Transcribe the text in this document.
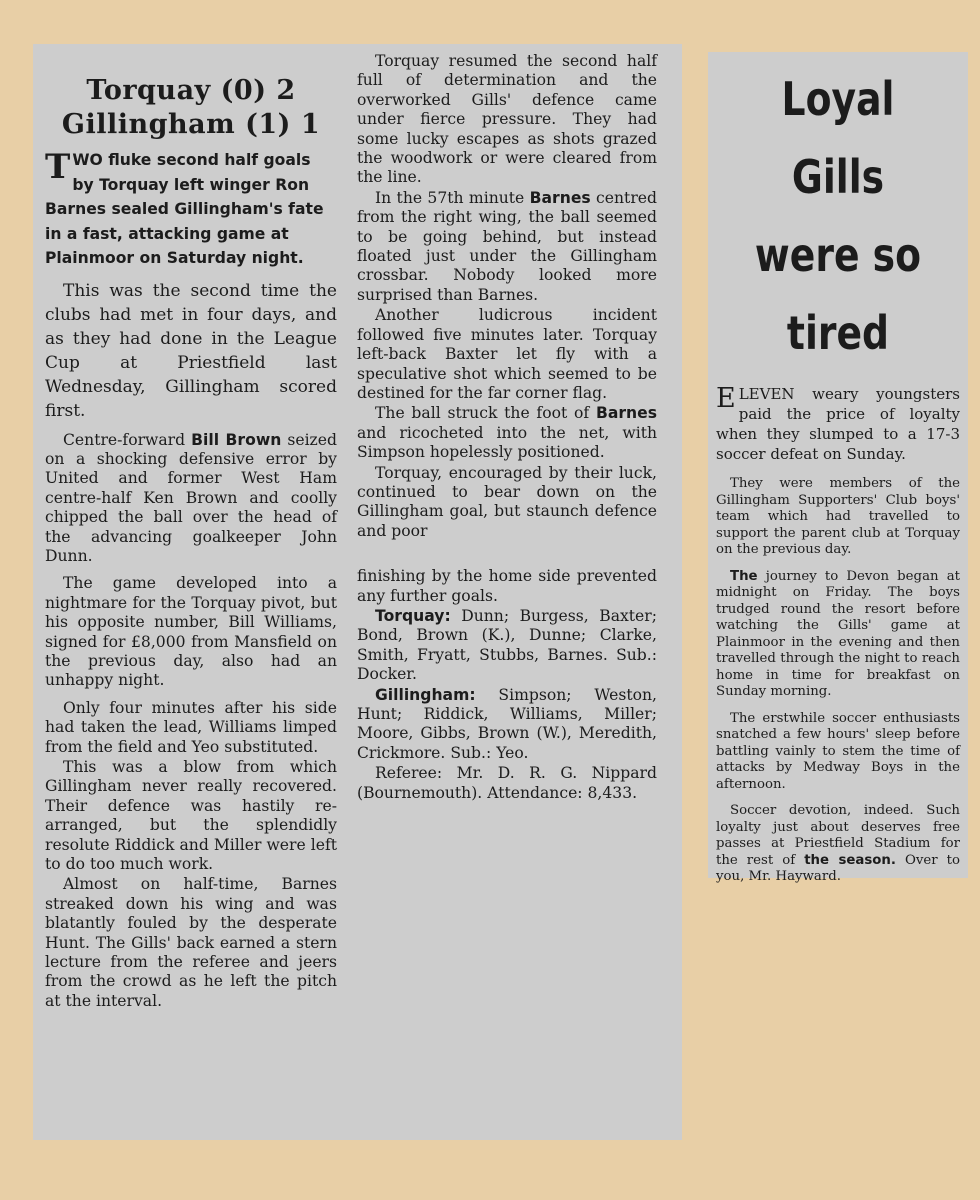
Torquay (0) 2
Gillingham (1) 1

TWO fluke second half goals by Torquay left winger Ron Barnes sealed Gillingham's fate in a fast, attacking game at Plainmoor on Saturday night.

This was the second time the clubs had met in four days, and as they had done in the League Cup at Priestfield last Wednesday, Gillingham scored first.

Centre-forward Bill Brown seized on a shocking defensive error by United and former West Ham centre-half Ken Brown and coolly chipped the ball over the head of the advancing goalkeeper John Dunn.

The game developed into a nightmare for the Torquay pivot, but his opposite number, Bill Williams, signed for £8,000 from Mansfield on the previous day, also had an unhappy night.

Only four minutes after his side had taken the lead, Williams limped from the field and Yeo substituted.

This was a blow from which Gillingham never really recovered. Their defence was hastily re-arranged, but the splendidly resolute Riddick and Miller were left to do too much work.

Almost on half-time, Barnes streaked down his wing and was blatantly fouled by the desperate Hunt. The Gills' back earned a stern lecture from the referee and jeers from the crowd as he left the pitch at the interval.

Torquay resumed the second half full of determination and the overworked Gills' defence came under fierce pressure. They had some lucky escapes as shots grazed the woodwork or were cleared from the line.

In the 57th minute Barnes centred from the right wing, the ball seemed to be going behind, but instead floated just under the Gillingham crossbar. Nobody looked more surprised than Barnes.

Another ludicrous incident followed five minutes later. Torquay left-back Baxter let fly with a speculative shot which seemed to be destined for the far corner flag.

The ball struck the foot of Barnes and ricocheted into the net, with Simpson hopelessly positioned.

Torquay, encouraged by their luck, continued to bear down on the Gillingham goal, but staunch defence and poor

finishing by the home side prevented any further goals.

Torquay: Dunn; Burgess, Baxter; Bond, Brown (K.), Dunne; Clarke, Smith, Fryatt, Stubbs, Barnes. Sub.: Docker.

Gillingham: Simpson; Weston, Hunt; Riddick, Williams, Miller; Moore, Gibbs, Brown (W.), Meredith, Crickmore. Sub.: Yeo.

Referee: Mr. D. R. G. Nippard (Bournemouth). Attendance: 8,433.

Loyal Gills
were so
tired

ELEVEN weary youngsters paid the price of loyalty when they slumped to a 17-3 soccer defeat on Sunday.

They were members of the Gillingham Supporters' Club boys' team which had travelled to support the parent club at Torquay on the previous day.

The journey to Devon began at midnight on Friday. The boys trudged round the resort before watching the Gills' game at Plainmoor in the evening and then travelled through the night to reach home in time for breakfast on Sunday morning.

The erstwhile soccer enthusiasts snatched a few hours' sleep before battling vainly to stem the time of attacks by Medway Boys in the afternoon.

Soccer devotion, indeed. Such loyalty just about deserves free passes at Priestfield Stadium for the rest of the season. Over to you, Mr. Hayward.
